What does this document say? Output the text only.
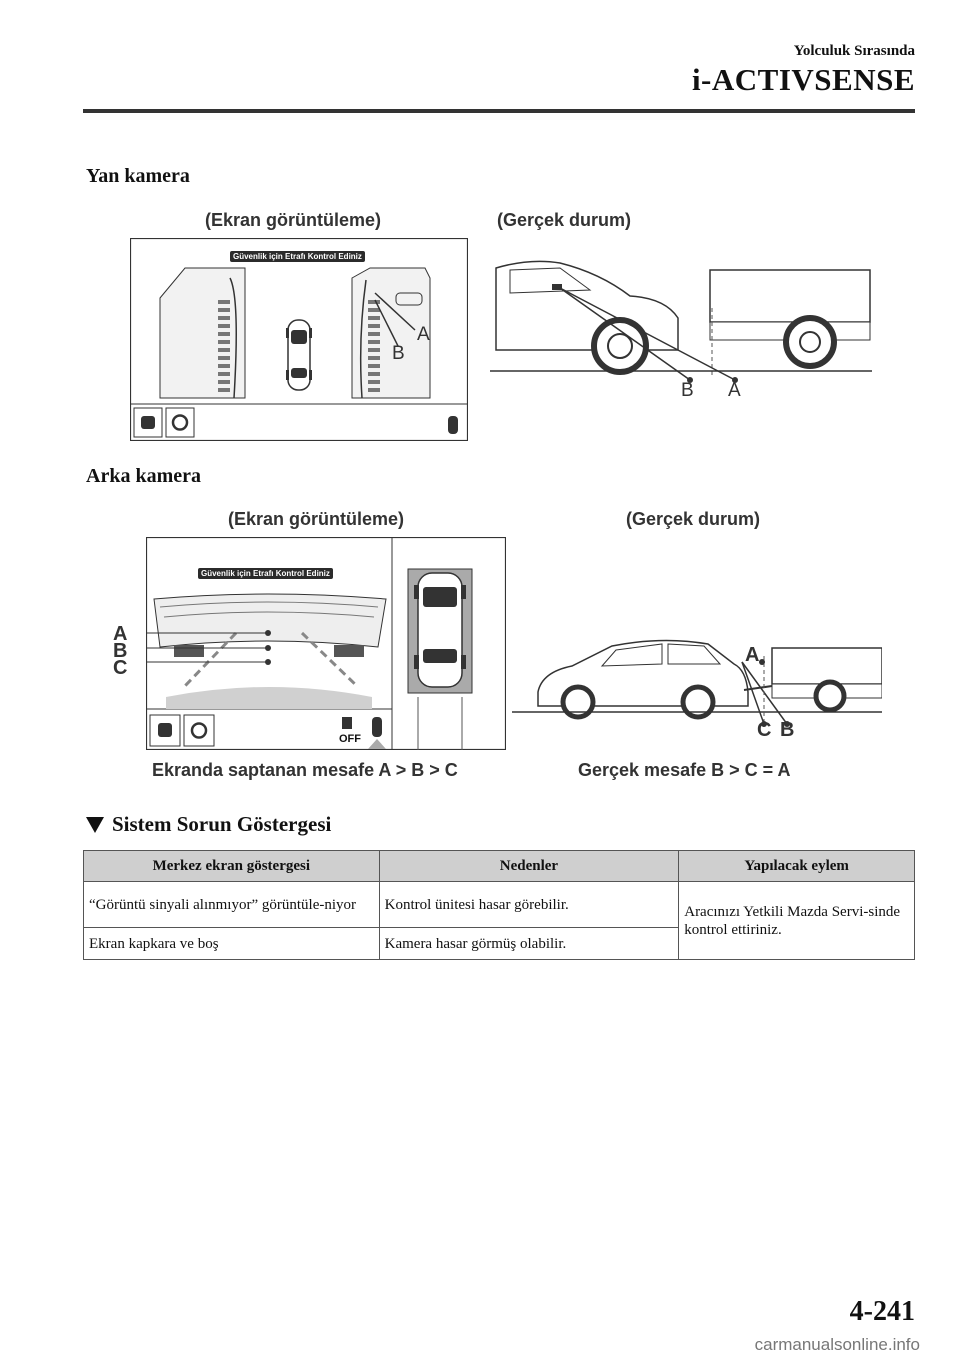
Yolculuk Sırasında
i-ACTIVSENSE
Yan kamera
(Ekran görüntüleme)	(Gerçek durum)
Güvenlik için Etrafı Kontrol Ediniz
A
B
B A
Arka kamera
(Ekran görüntüleme)	(Gerçek durum)
Güvenlik için Etrafı Kontrol Ediniz
OFF
A
B
C
A
C B
Ekranda saptanan mesafe A > B > C	Gerçek mesafe B > C = A
Sistem Sorun Göstergesi
Merkez ekran göstergesi	Nedenler	Yapılacak eylem
“Görüntü sinyali alınmıyor” görüntüle-niyor	Kontrol ünitesi hasar görebilir.	Aracınızı Yetkili Mazda Servi-sinde kontrol ettiriniz.
Ekran kapkara ve boş	Kamera hasar görmüş olabilir.	
4-241
carmanualsonline.info
